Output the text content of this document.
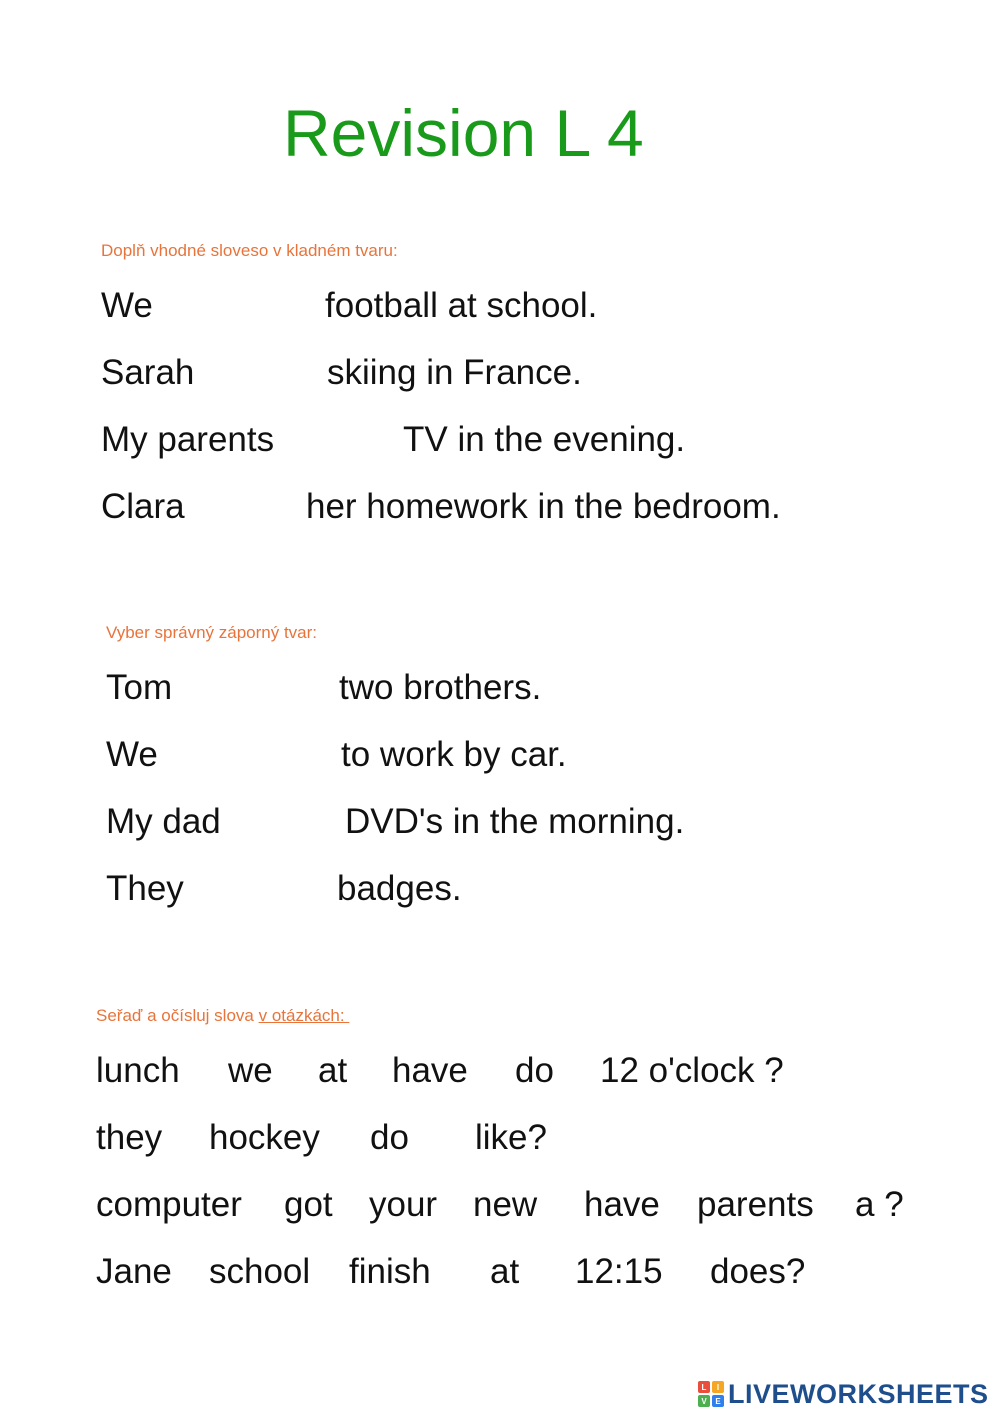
Revision L 4
Doplň vhodné sloveso v kladném tvaru:
We	football at school.
Sarah	skiing in France.
My parents	TV in the evening.
Clara	her homework in the bedroom.
Vyber správný záporný tvar:
Tom	two brothers.
We	to work by car.
My dad	DVD's in the morning.
They	badges.
Seřaď a očísluj slova v otázkách:
lunch we at have do 12 o'clock ?
they hockey do like?
computer got your new have parents a ?
Jane school finish at 12:15 does?
L	I
V	E LIVEWORKSHEETS
